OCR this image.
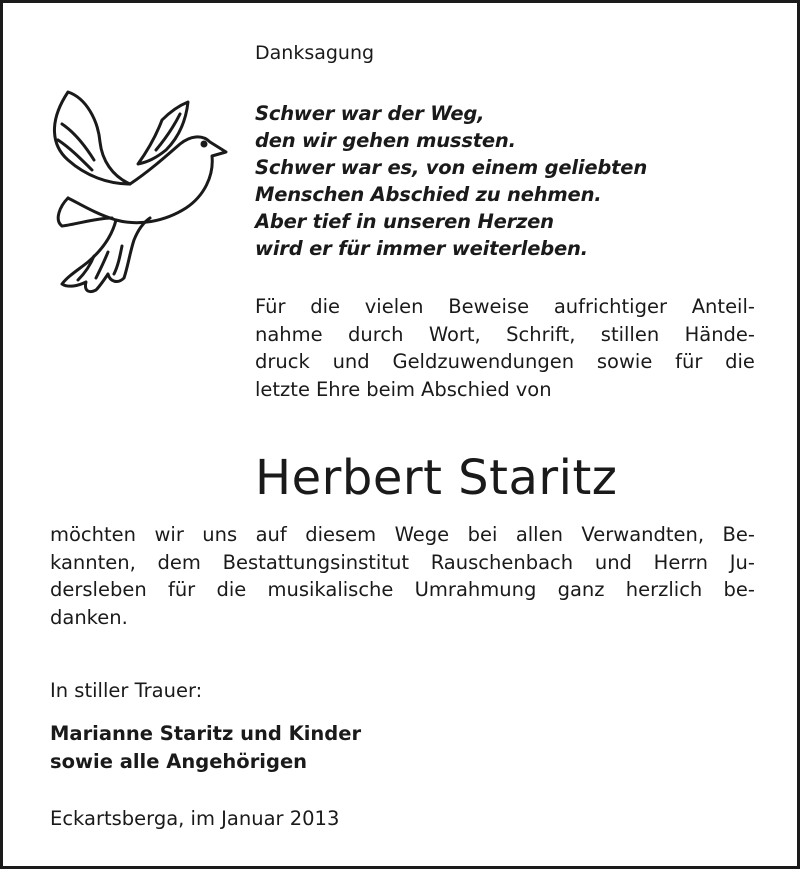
Danksagung
Schwer war der Weg,
den wir gehen mussten.
Schwer war es, von einem geliebten
Menschen Abschied zu nehmen.
Aber tief in unseren Herzen
wird er für immer weiterleben.
Für die vielen Beweise aufrichtiger Anteil-
nahme durch Wort, Schrift, stillen Hände-
druck und Geldzuwendungen sowie für die
letzte Ehre beim Abschied von
Herbert Staritz
möchten wir uns auf diesem Wege bei allen Verwandten, Be-
kannten, dem Bestattungsinstitut Rauschenbach und Herrn Ju-
dersleben für die musikalische Umrahmung ganz herzlich be-
danken.
In stiller Trauer:
Marianne Staritz und Kinder
sowie alle Angehörigen
Eckartsberga, im Januar 2013
